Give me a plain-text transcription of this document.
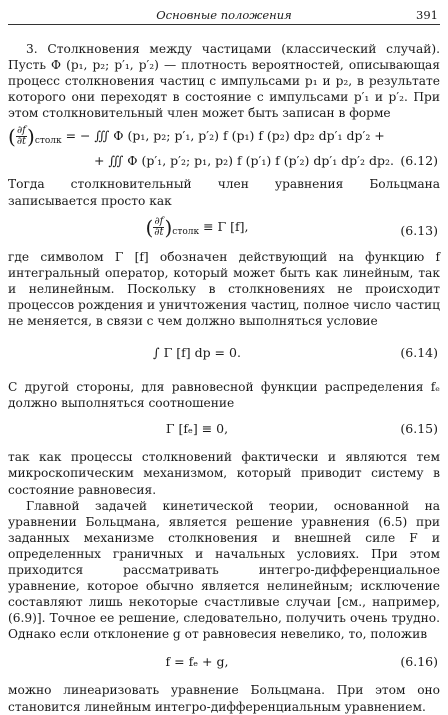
Основные положения	391

3. Столкновения между частицами (классический случай). Пусть Φ (p₁, p₂; p′₁, p′₂) — плотность вероятностей, описывающая процесс столкновения частиц с импульсами p₁ и p₂, в результате которого они переходят в состояние с импульсами p′₁ и p′₂. При этом столкновительный член может быть записан в форме

( $\frac{\partial f}{\partial t} )_{столк}$ = − ∭ Φ (p₁, p₂; p′₁, p′₂) f (p₁) f (p₂) dp₂ dp′₁ dp′₂ +
+ ∭ Φ (p′₁, p′₂; p₁, p₂) f (p′₁) f (p′₂) dp′₁ dp′₂ dp₂. (6.12)

Тогда столкновительный член уравнения Больцмана записывается просто как

( $\frac{\partial f}{\partial t} )_{столк} \equiv \Gamma$ [f],	(6.13)

где символом Γ [f] обозначен действующий на функцию f интегральный оператор, который может быть как линейным, так и нелинейным. Поскольку в столкновениях не происходит процессов рождения и уничтожения частиц, полное число частиц не меняется, в связи с чем должно выполняться условие

∫ Γ [f] dp = 0.	(6.14)

С другой стороны, для равновесной функции распределения fₑ должно выполняться соотношение

Γ [fₑ] ≡ 0,	(6.15)

так как процессы столкновений фактически и являются тем микроскопическим механизмом, который приводит систему в состояние равновесия.

Главной задачей кинетической теории, основанной на уравнении Больцмана, является решение уравнения (6.5) при заданных механизме столкновения и внешней силе F и определенных граничных и начальных условиях. При этом приходится рассматривать интегро-дифференциальное уравнение, которое обычно является нелинейным; исключение составляют лишь некоторые счастливые случаи [см., например, (6.9)]. Точное ее решение, следовательно, получить очень трудно. Однако если отклонение g от равновесия невелико, то, положив

f = fₑ + g,	(6.16)

можно линеаризовать уравнение Больцмана. При этом оно становится линейным интегро-дифференциальным уравнением.
